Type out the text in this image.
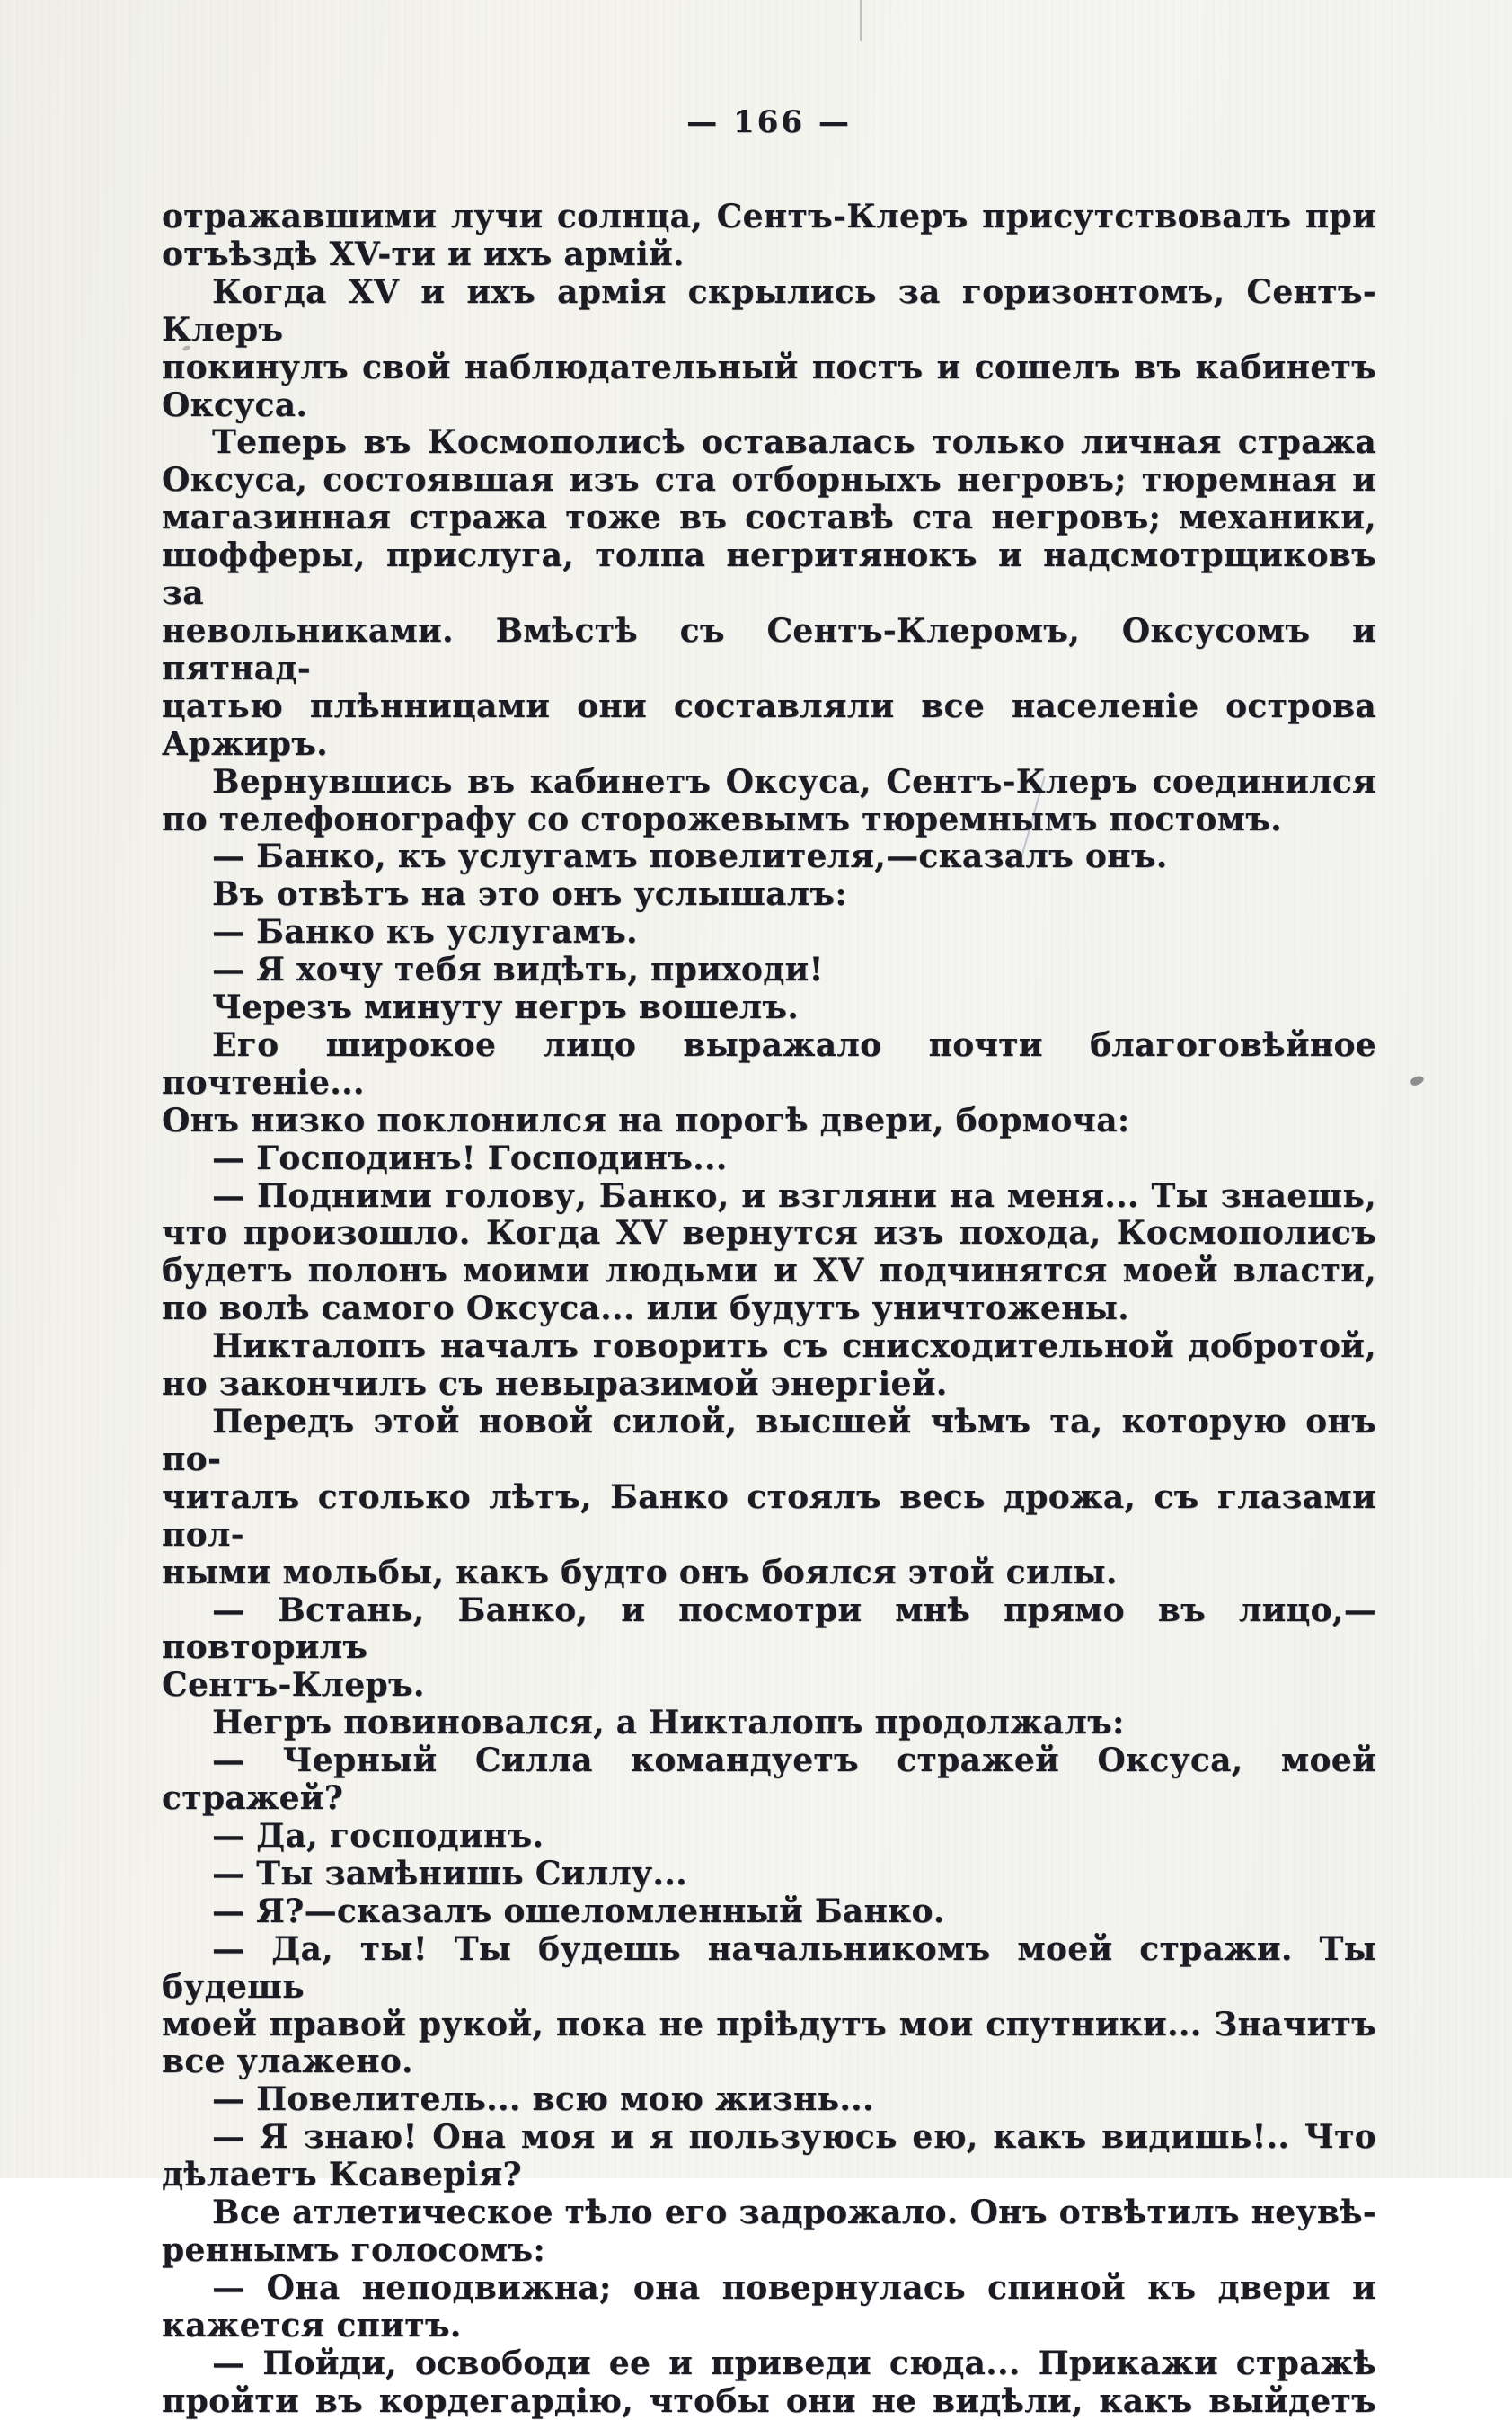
— 166 —
отражавшими лучи солнца, Сентъ-Клеръ присутствовалъ при
отъѣздѣ XV-ти и ихъ армій.
Когда XV и ихъ армія скрылись за горизонтомъ, Сентъ-Клеръ
покинулъ свой наблюдательный постъ и сошелъ въ кабинетъ
Оксуса.
Теперь въ Космополисѣ оставалась только личная стража
Оксуса, состоявшая изъ ста отборныхъ негровъ; тюремная и
магазинная стража тоже въ составѣ ста негровъ; механики,
шофферы, прислуга, толпа негритянокъ и надсмотрщиковъ за
невольниками. Вмѣстѣ съ Сентъ-Клеромъ, Оксусомъ и пятнад-
цатью плѣнницами они составляли все населеніе острова Аржиръ.
Вернувшись въ кабинетъ Оксуса, Сентъ-Клеръ соединился
по телефонографу со сторожевымъ тюремнымъ постомъ.
— Банко, къ услугамъ повелителя,—сказалъ онъ.
Въ отвѣтъ на это онъ услышалъ:
— Банко къ услугамъ.
— Я хочу тебя видѣть, приходи!
Черезъ минуту негръ вошелъ.
Его широкое лицо выражало почти благоговѣйное почтеніе...
Онъ низко поклонился на порогѣ двери, бормоча:
— Господинъ! Господинъ...
— Подними голову, Банко, и взгляни на меня... Ты знаешь,
что произошло. Когда XV вернутся изъ похода, Космополисъ
будетъ полонъ моими людьми и XV подчинятся моей власти,
по волѣ самого Оксуса... или будутъ уничтожены.
Никталопъ началъ говорить съ снисходительной добротой,
но закончилъ съ невыразимой энергіей.
Передъ этой новой силой, высшей чѣмъ та, которую онъ по-
читалъ столько лѣтъ, Банко стоялъ весь дрожа, съ глазами пол-
ными мольбы, какъ будто онъ боялся этой силы.
— Встань, Банко, и посмотри мнѣ прямо въ лицо,—повторилъ
Сентъ-Клеръ.
Негръ повиновался, а Никталопъ продолжалъ:
— Черный Силла командуетъ стражей Оксуса, моей стражей?
— Да, господинъ.
— Ты замѣнишь Силлу...
— Я?—сказалъ ошеломленный Банко.
— Да, ты! Ты будешь начальникомъ моей стражи. Ты будешь
моей правой рукой, пока не пріѣдутъ мои спутники... Значитъ
все улажено.
— Повелитель... всю мою жизнь...
— Я знаю! Она моя и я пользуюсь ею, какъ видишь!.. Что
дѣлаетъ Ксаверія?
Все атлетическое тѣло его задрожало. Онъ отвѣтилъ неувѣ-
реннымъ голосомъ:
— Она неподвижна; она повернулась спиной къ двери и
кажется спитъ.
— Пойди, освободи ее и приведи сюда... Прикажи стражѣ
пройти въ кордегардію, чтобы они не видѣли, какъ выйдетъ
